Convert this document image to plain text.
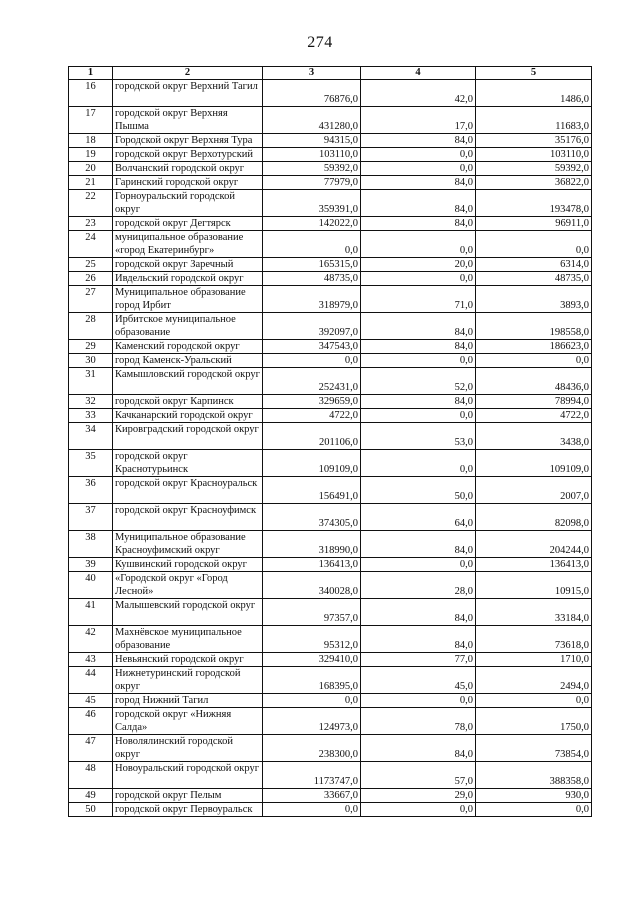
274
1	2	3	4	5
16	городской округ Верхний Тагил	76876,0	42,0	1486,0
17	городской округ Верхняя Пышма	431280,0	17,0	11683,0
18	Городской округ Верхняя Тура	94315,0	84,0	35176,0
19	городской округ Верхотурский	103110,0	0,0	103110,0
20	Волчанский городской округ	59392,0	0,0	59392,0
21	Гаринский городской округ	77979,0	84,0	36822,0
22	Горноуральский городской округ	359391,0	84,0	193478,0
23	городской округ Дегтярск	142022,0	84,0	96911,0
24	муниципальное образование «город Екатеринбург»	0,0	0,0	0,0
25	городской округ Заречный	165315,0	20,0	6314,0
26	Ивдельский городской округ	48735,0	0,0	48735,0
27	Муниципальное образование город Ирбит	318979,0	71,0	3893,0
28	Ирбитское муниципальное образование	392097,0	84,0	198558,0
29	Каменский городской округ	347543,0	84,0	186623,0
30	город Каменск-Уральский	0,0	0,0	0,0
31	Камышловский городской округ	252431,0	52,0	48436,0
32	городской округ Карпинск	329659,0	84,0	78994,0
33	Качканарский городской округ	4722,0	0,0	4722,0
34	Кировградский городской округ	201106,0	53,0	3438,0
35	городской округ Краснотурьинск	109109,0	0,0	109109,0
36	городской округ Красноуральск	156491,0	50,0	2007,0
37	городской округ Красноуфимск	374305,0	64,0	82098,0
38	Муниципальное образование Красноуфимский округ	318990,0	84,0	204244,0
39	Кушвинский городской округ	136413,0	0,0	136413,0
40	«Городской округ «Город Лесной»	340028,0	28,0	10915,0
41	Малышевский городской округ	97357,0	84,0	33184,0
42	Махнёвское муниципальное образование	95312,0	84,0	73618,0
43	Невьянский городской округ	329410,0	77,0	1710,0
44	Нижнетуринский городской округ	168395,0	45,0	2494,0
45	город Нижний Тагил	0,0	0,0	0,0
46	городской округ «Нижняя Салда»	124973,0	78,0	1750,0
47	Новолялинский городской округ	238300,0	84,0	73854,0
48	Новоуральский городской округ	1173747,0	57,0	388358,0
49	городской округ Пелым	33667,0	29,0	930,0
50	городской округ Первоуральск	0,0	0,0	0,0
